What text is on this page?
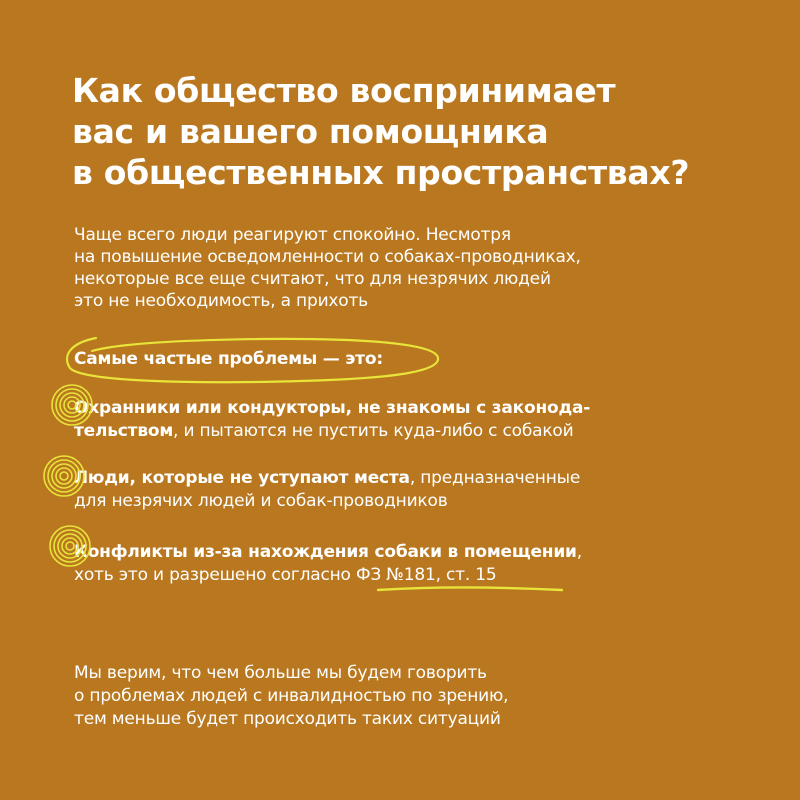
Как общество воспринимает
вас и вашего помощника
в общественных пространствах?

Чаще всего люди реагируют спокойно. Несмотря
на повышение осведомленности о собаках-проводниках,
некоторые все еще считают, что для незрячих людей
это не необходимость, а прихоть

Самые частые проблемы — это:

Охранники или кондукторы, не знакомы с законода-
тельством, и пытаются не пустить куда-либо с собакой

Люди, которые не уступают места, предназначенные
для незрячих людей и собак-проводников

Конфликты из-за нахождения собаки в помещении,
хоть это и разрешено согласно ФЗ №181, ст. 15

Мы верим, что чем больше мы будем говорить
о проблемах людей с инвалидностью по зрению,
тем меньше будет происходить таких ситуаций
